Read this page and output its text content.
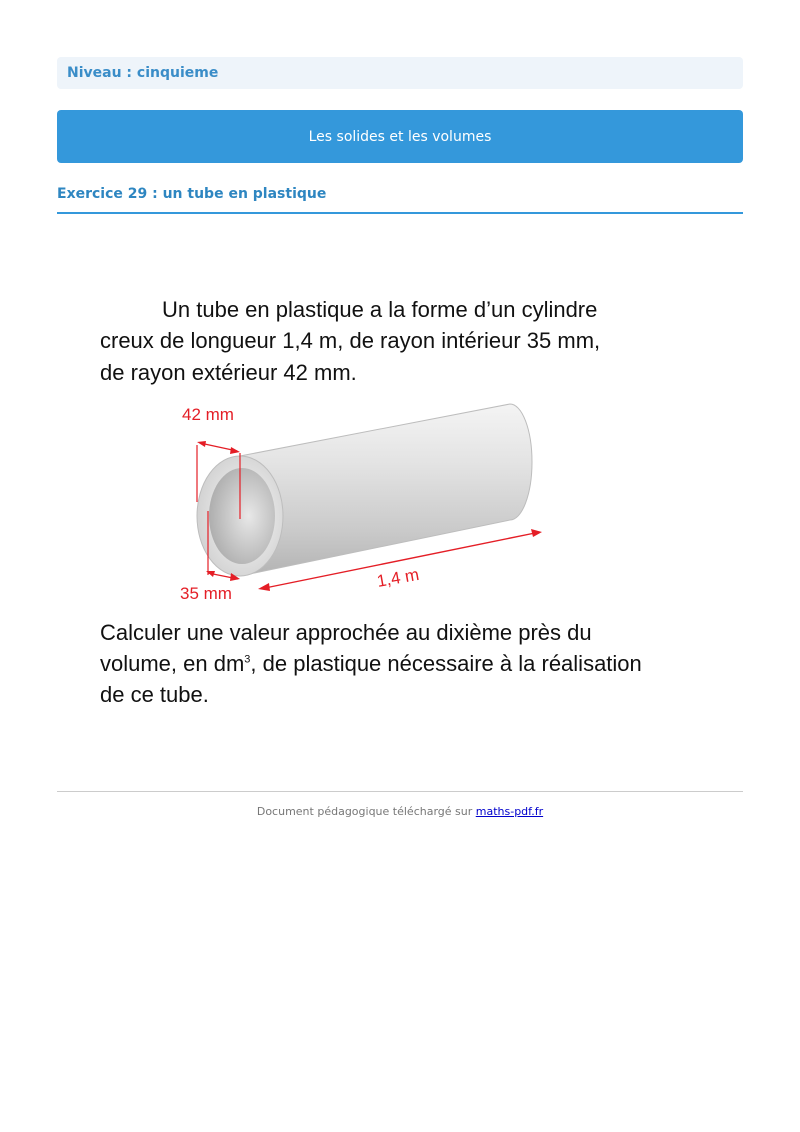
Niveau : cinquieme
Les solides et les volumes
Exercice 29 : un tube en plastique
Un tube en plastique a la forme d’un cylindre
creux de longueur 1,4 m, de rayon intérieur 35 mm,
de rayon extérieur 42 mm.
42 mm
35 mm
1,4 m
Calculer une valeur approchée au dixième près du
volume, en $dm^3$, de plastique nécessaire à la réalisation
de ce tube.
Document pédagogique téléchargé sur maths-pdf.fr
